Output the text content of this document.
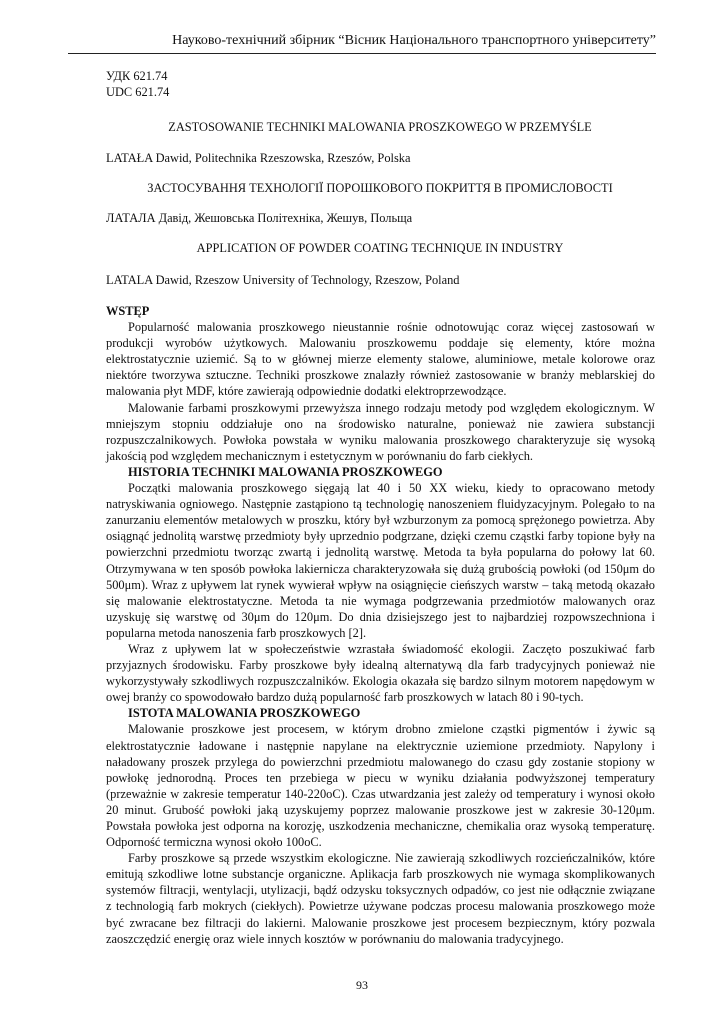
Науково-технічний збірник “Вісник Національного транспортного університету”
УДК 621.74
UDC 621.74
ZASTOSOWANIE TECHNIKI MALOWANIA PROSZKOWEGO W PRZEMYŚLE
LATAŁA Dawid, Politechnika Rzeszowska, Rzeszów, Polska
ЗАСТОСУВАННЯ ТЕХНОЛОГІЇ ПОРОШКОВОГО ПОКРИТТЯ В ПРОМИСЛОВОСТІ
ЛАТАЛА Давід, Жешовська Політехніка, Жешув, Польща
APPLICATION OF POWDER COATING TECHNIQUE IN INDUSTRY
LATALA Dawid, Rzeszow University of Technology, Rzeszow, Poland
WSTĘP

Popularność malowania proszkowego nieustannie rośnie odnotowując coraz więcej zastosowań w produkcji wyrobów użytkowych. Malowaniu proszkowemu poddaje się elementy, które można elektrostatycznie uziemić. Są to w głównej mierze elementy stalowe, aluminiowe, metale kolorowe oraz niektóre tworzywa sztuczne. Techniki proszkowe znalazły również zastosowanie w branży meblarskiej do malowania płyt MDF, które zawierają odpowiednie dodatki elektroprzewodzące.

Malowanie farbami proszkowymi przewyższa innego rodzaju metody pod względem ekologicznym. W mniejszym stopniu oddziałuje ono na środowisko naturalne, ponieważ nie zawiera substancji rozpuszczalnikowych. Powłoka powstała w wyniku malowania proszkowego charakteryzuje się wysoką jakością pod względem mechanicznym i estetycznym w porównaniu do farb ciekłych.

HISTORIA TECHNIKI MALOWANIA PROSZKOWEGO

Początki malowania proszkowego sięgają lat 40 i 50 XX wieku, kiedy to opracowano metody natryskiwania ogniowego. Następnie zastąpiono tą technologię nanoszeniem fluidyzacyjnym. Polegało to na zanurzaniu elementów metalowych w proszku, który był wzburzonym za pomocą sprężonego powietrza. Aby osiągnąć jednolitą warstwę przedmioty były uprzednio podgrzane, dzięki czemu cząstki farby topione były na powierzchni przedmiotu tworząc zwartą i jednolitą warstwę. Metoda ta była popularna do połowy lat 60. Otrzymywana w ten sposób powłoka lakiernicza charakteryzowała się dużą grubością powłoki (od 150μm do 500μm). Wraz z upływem lat rynek wywierał wpływ na osiągnięcie cieńszych warstw – taką metodą okazało się malowanie elektrostatyczne. Metoda ta nie wymaga podgrzewania przedmiotów malowanych oraz uzyskuję się warstwę od 30μm do 120μm. Do dnia dzisiejszego jest to najbardziej rozpowszechniona i popularna metoda nanoszenia farb proszkowych [2].

Wraz z upływem lat w społeczeństwie wzrastała świadomość ekologii. Zaczęto poszukiwać farb przyjaznych środowisku. Farby proszkowe były idealną alternatywą dla farb tradycyjnych ponieważ nie wykorzystywały szkodliwych rozpuszczalników. Ekologia okazała się bardzo silnym motorem napędowym w owej branży co spowodowało bardzo dużą popularność farb proszkowych w latach 80 i 90-tych.

ISTOTA MALOWANIA PROSZKOWEGO

Malowanie proszkowe jest procesem, w którym drobno zmielone cząstki pigmentów i żywic są elektrostatycznie ładowane i następnie napylane na elektrycznie uziemione przedmioty. Napylony i naładowany proszek przylega do powierzchni przedmiotu malowanego do czasu gdy zostanie stopiony w powłokę jednorodną. Proces ten przebiega w piecu w wyniku działania podwyższonej temperatury (przeważnie w zakresie temperatur 140-220oC). Czas utwardzania jest zależy od temperatury i wynosi około 20 minut. Grubość powłoki jaką uzyskujemy poprzez malowanie proszkowe jest w zakresie 30-120μm. Powstała powłoka jest odporna na korozję, uszkodzenia mechaniczne, chemikalia oraz wysoką temperaturę. Odporność termiczna wynosi około 100oC.

Farby proszkowe są przede wszystkim ekologiczne. Nie zawierają szkodliwych rozcieńczalników, które emitują szkodliwe lotne substancje organiczne. Aplikacja farb proszkowych nie wymaga skomplikowanych systemów filtracji, wentylacji, utylizacji, bądź odzysku toksycznych odpadów, co jest nie odłącznie związane z technologią farb mokrych (ciekłych). Powietrze używane podczas procesu malowania proszkowego może być zwracane bez filtracji do lakierni. Malowanie proszkowe jest procesem bezpiecznym, który pozwala zaoszczędzić energię oraz wiele innych kosztów w porównaniu do malowania tradycyjnego.

93
